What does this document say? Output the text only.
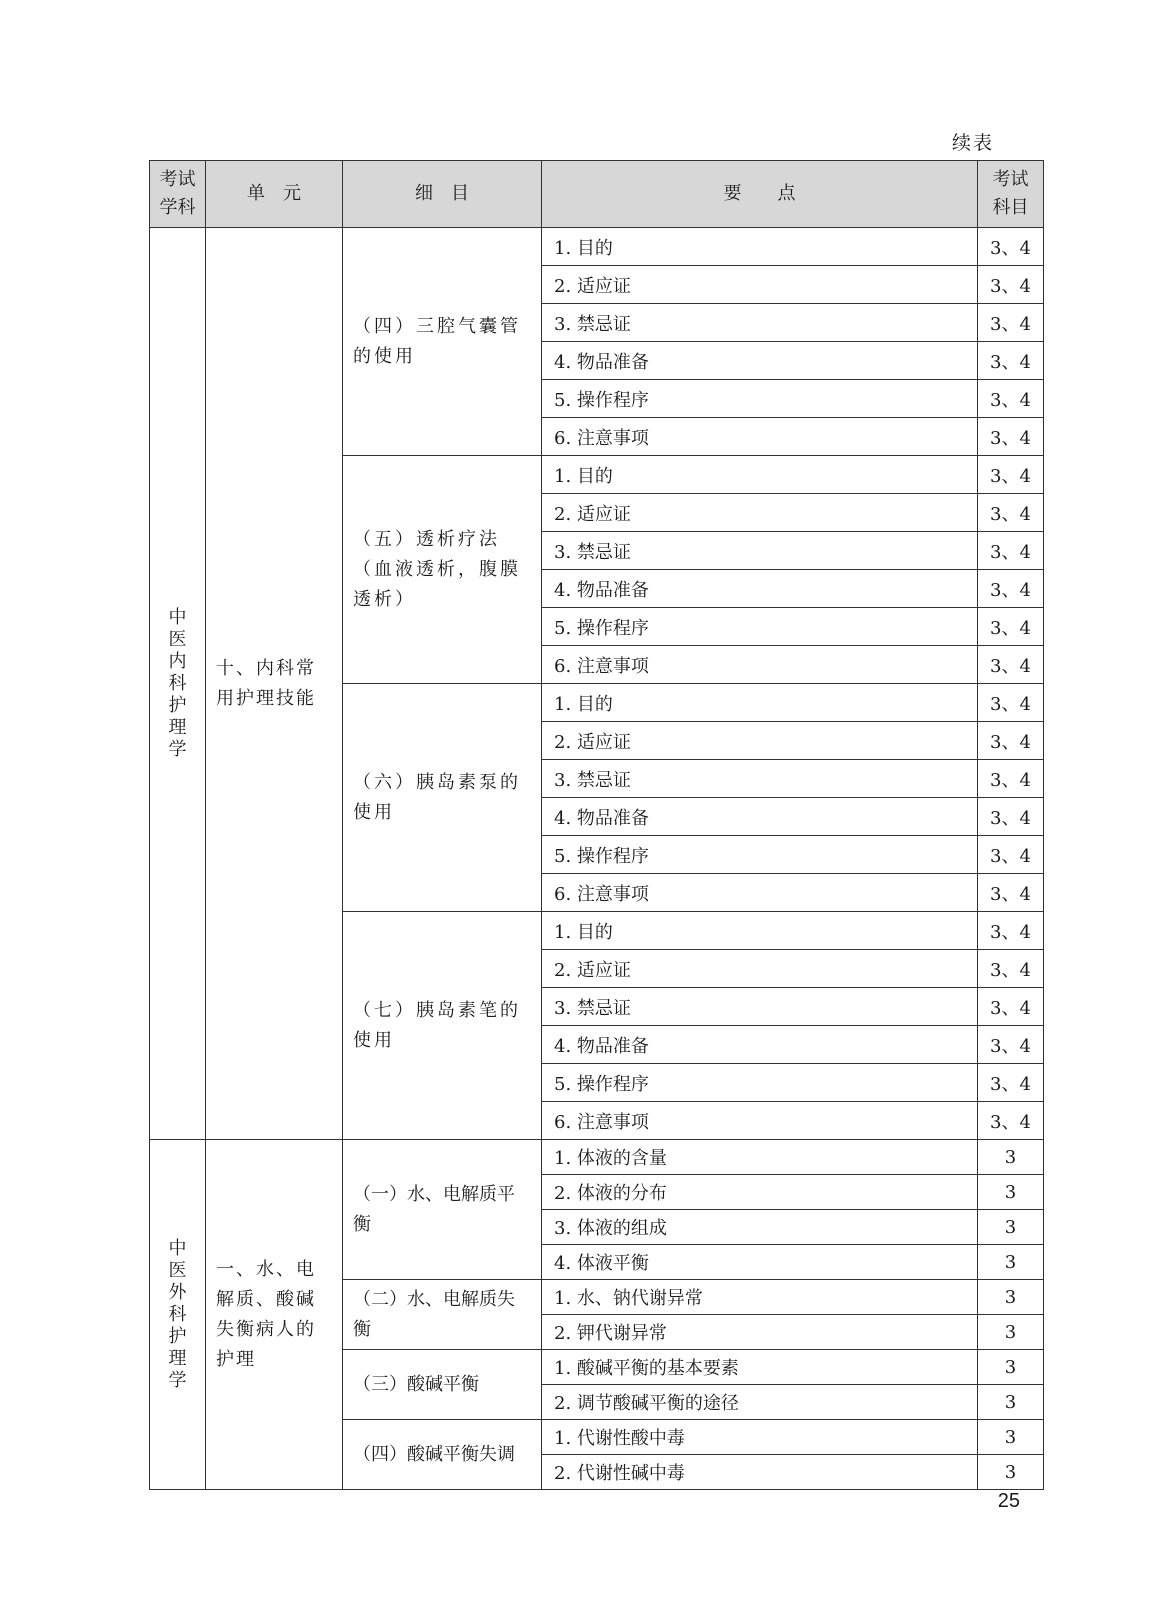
续表
考试学科	单　元	细　目	要　　点	考试科目
中医内科护理学	十、内科常用护理技能	（四）三腔气囊管的使用	1. 目的	3、4
			2. 适应证	3、4
			3. 禁忌证	3、4
			4. 物品准备	3、4
			5. 操作程序	3、4
			6. 注意事项	3、4
		（五）透析疗法（血液透析，腹膜透析）	1. 目的	3、4
			2. 适应证	3、4
			3. 禁忌证	3、4
			4. 物品准备	3、4
			5. 操作程序	3、4
			6. 注意事项	3、4
		（六）胰岛素泵的使用	1. 目的	3、4
			2. 适应证	3、4
			3. 禁忌证	3、4
			4. 物品准备	3、4
			5. 操作程序	3、4
			6. 注意事项	3、4
		（七）胰岛素笔的使用	1. 目的	3、4
			2. 适应证	3、4
			3. 禁忌证	3、4
			4. 物品准备	3、4
			5. 操作程序	3、4
			6. 注意事项	3、4
中医外科护理学	一、水、电解质、酸碱失衡病人的护理	（一）水、电解质平衡	1. 体液的含量	3
			2. 体液的分布	3
			3. 体液的组成	3
			4. 体液平衡	3
		（二）水、电解质失衡	1. 水、钠代谢异常	3
			2. 钾代谢异常	3
		（三）酸碱平衡	1. 酸碱平衡的基本要素	3
			2. 调节酸碱平衡的途径	3
		（四）酸碱平衡失调	1. 代谢性酸中毒	3
			2. 代谢性碱中毒	3
25
